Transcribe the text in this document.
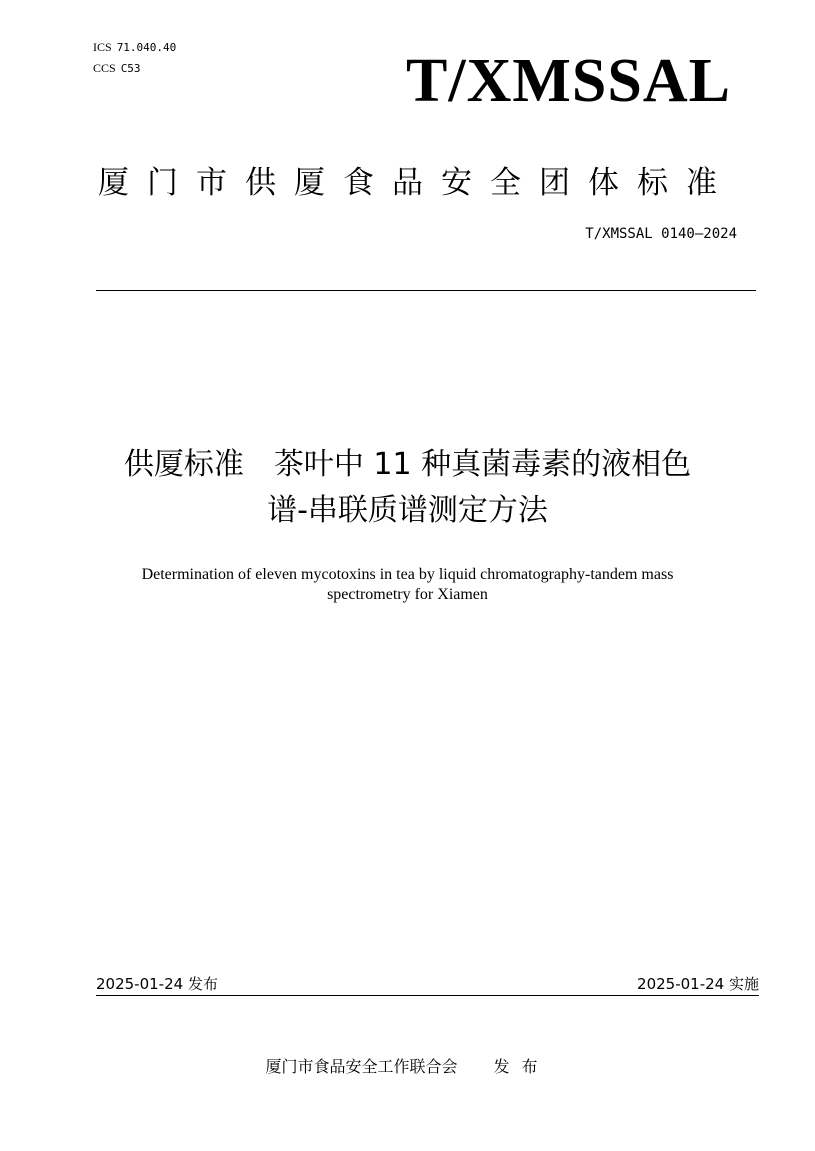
ICS 71.040.40
CCS C53	T/XMSSAL
厦门市供厦食品安全团体标准
T/XMSSAL 0140—2024
供厦标准　茶叶中 11 种真菌毒素的液相色
谱-串联质谱测定方法
Determination of eleven mycotoxins in tea by liquid chromatography-tandem mass
spectrometry for Xiamen
2025-01-24 发布	2025-01-24 实施
厦门市食品安全工作联合会 发布
